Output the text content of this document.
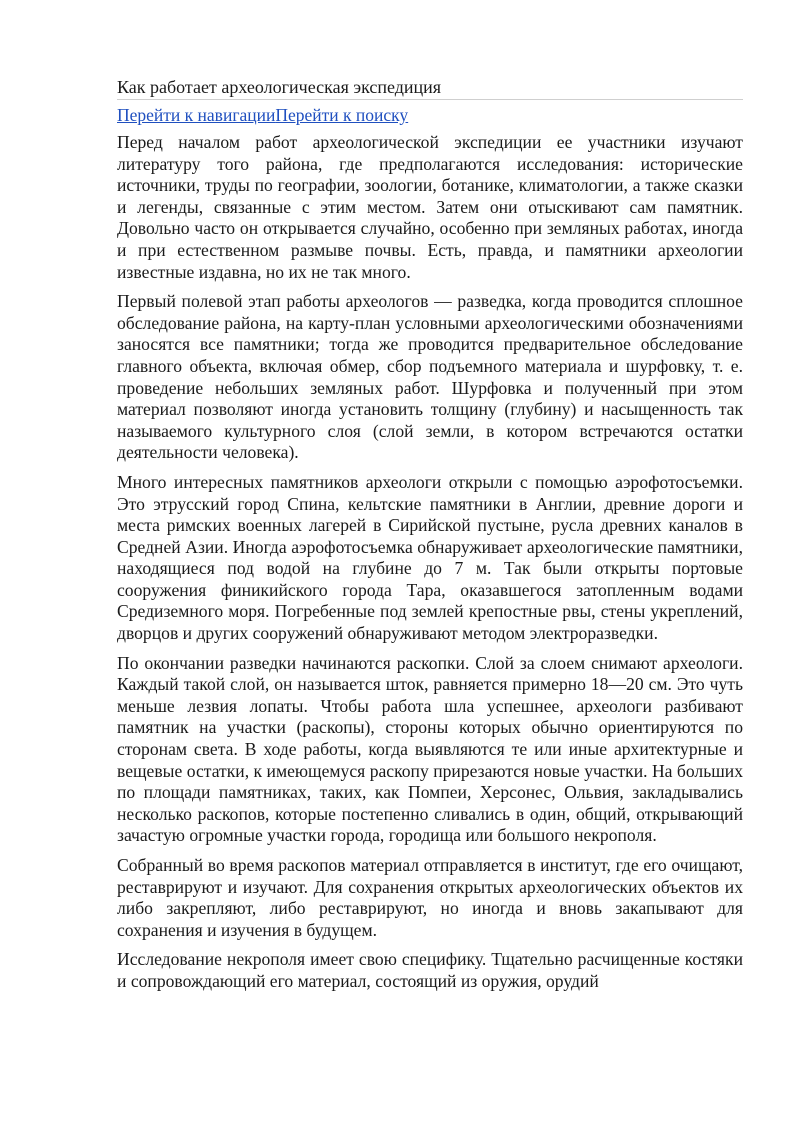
Как работает археологическая экспедиция
Перейти к навигацииПерейти к поиску

Перед началом работ археологической экспедиции ее участники изучают литературу того района, где предполагаются исследования: исторические источники, труды по географии, зоологии, ботанике, климатологии, а также сказки и легенды, связанные с этим местом. Затем они отыскивают сам памятник. Довольно часто он открывается случайно, особенно при земляных работах, иногда и при естественном размыве почвы. Есть, правда, и памятники археологии известные издавна, но их не так много.

Первый полевой этап работы археологов — разведка, когда проводится сплошное обследование района, на карту-план условными археологическими обозначениями заносятся все памятники; тогда же проводится предварительное обследование главного объекта, включая обмер, сбор подъемного материала и шурфовку, т. е. проведение небольших земляных работ. Шурфовка и полученный при этом материал позволяют иногда установить толщину (глубину) и насыщенность так называемого культурного слоя (слой земли, в котором встречаются остатки деятельности человека).

Много интересных памятников археологи открыли с помощью аэрофотосъемки. Это этрусский город Спина, кельтские памятники в Англии, древние дороги и места римских военных лагерей в Сирийской пустыне, русла древних каналов в Средней Азии. Иногда аэрофотосъемка обнаруживает археологические памятники, находящиеся под водой на глубине до 7 м. Так были открыты портовые сооружения финикийского города Тара, оказавшегося затопленным водами Средиземного моря. Погребенные под землей крепостные рвы, стены укреплений, дворцов и других сооружений обнаруживают методом электроразведки.

По окончании разведки начинаются раскопки. Слой за слоем снимают археологи. Каждый такой слой, он называется шток, равняется примерно 18—20 см. Это чуть меньше лезвия лопаты. Чтобы работа шла успешнее, археологи разбивают памятник на участки (раскопы), стороны которых обычно ориентируются по сторонам света. В ходе работы, когда выявляются те или иные архитектурные и вещевые остатки, к имеющемуся раскопу прирезаются новые участки. На больших по площади памятниках, таких, как Помпеи, Херсонес, Ольвия, закладывались несколько раскопов, которые постепенно сливались в один, общий, открывающий зачастую огромные участки города, городища или большого некрополя.

Собранный во время раскопов материал отправляется в институт, где его очищают, реставрируют и изучают. Для сохранения открытых археологических объектов их либо закрепляют, либо реставрируют, но иногда и вновь закапывают для сохранения и изучения в будущем.

Исследование некрополя имеет свою специфику. Тщательно расчищенные костяки и сопровождающий его материал, состоящий из оружия, орудий
